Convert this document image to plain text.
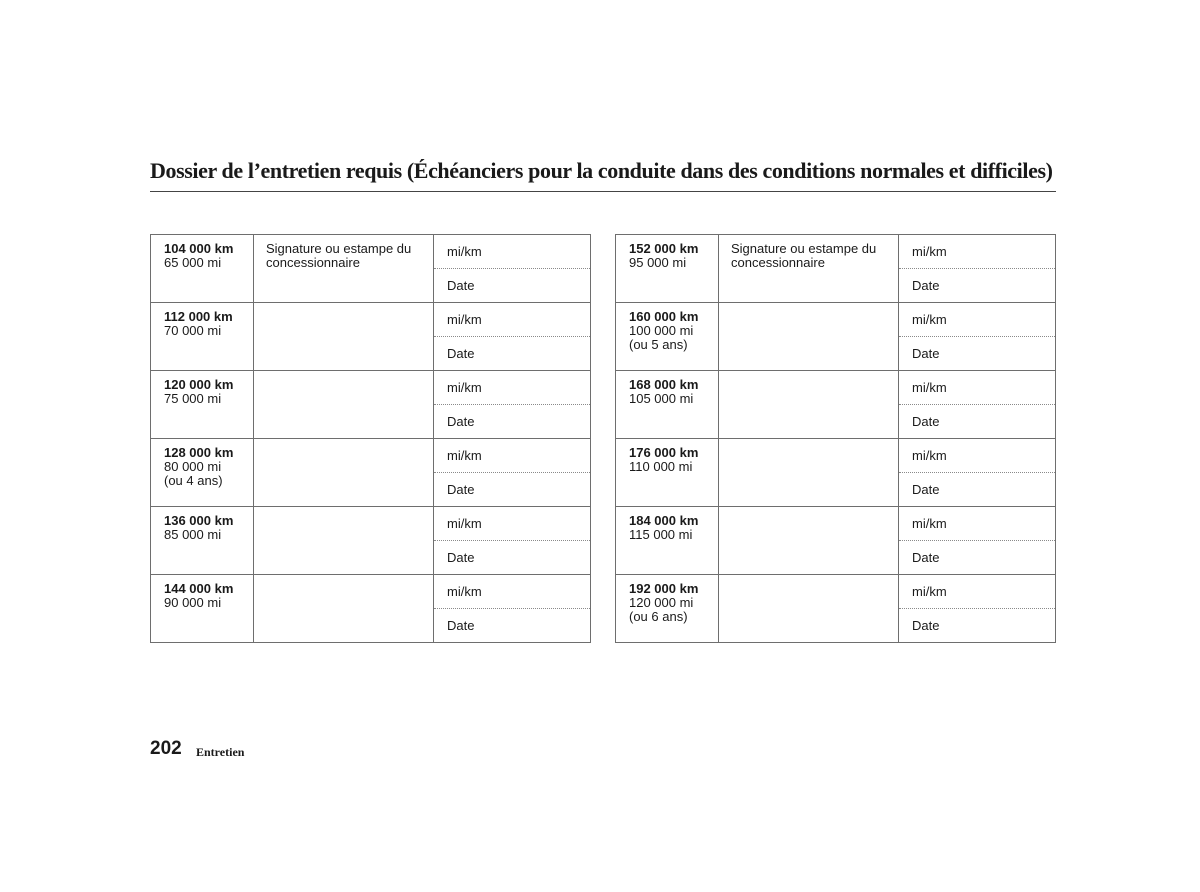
Dossier de l’entretien requis (Échéanciers pour la conduite dans des conditions normales et difficiles)
104 000 km
65 000 mi	Signature ou estampe du concessionnaire	mi/km
		Date

112 000 km
70 000 mi		mi/km
		Date

120 000 km
75 000 mi		mi/km
		Date

128 000 km
80 000 mi
(ou 4 ans)		mi/km
		Date

136 000 km
85 000 mi		mi/km
		Date

144 000 km
90 000 mi		mi/km
		Date
152 000 km
95 000 mi	Signature ou estampe du concessionnaire	mi/km
		Date

160 000 km
100 000 mi
(ou 5 ans)		mi/km
		Date

168 000 km
105 000 mi		mi/km
		Date

176 000 km
110 000 mi		mi/km
		Date

184 000 km
115 000 mi		mi/km
		Date

192 000 km
120 000 mi
(ou 6 ans)		mi/km
		Date
202 Entretien
